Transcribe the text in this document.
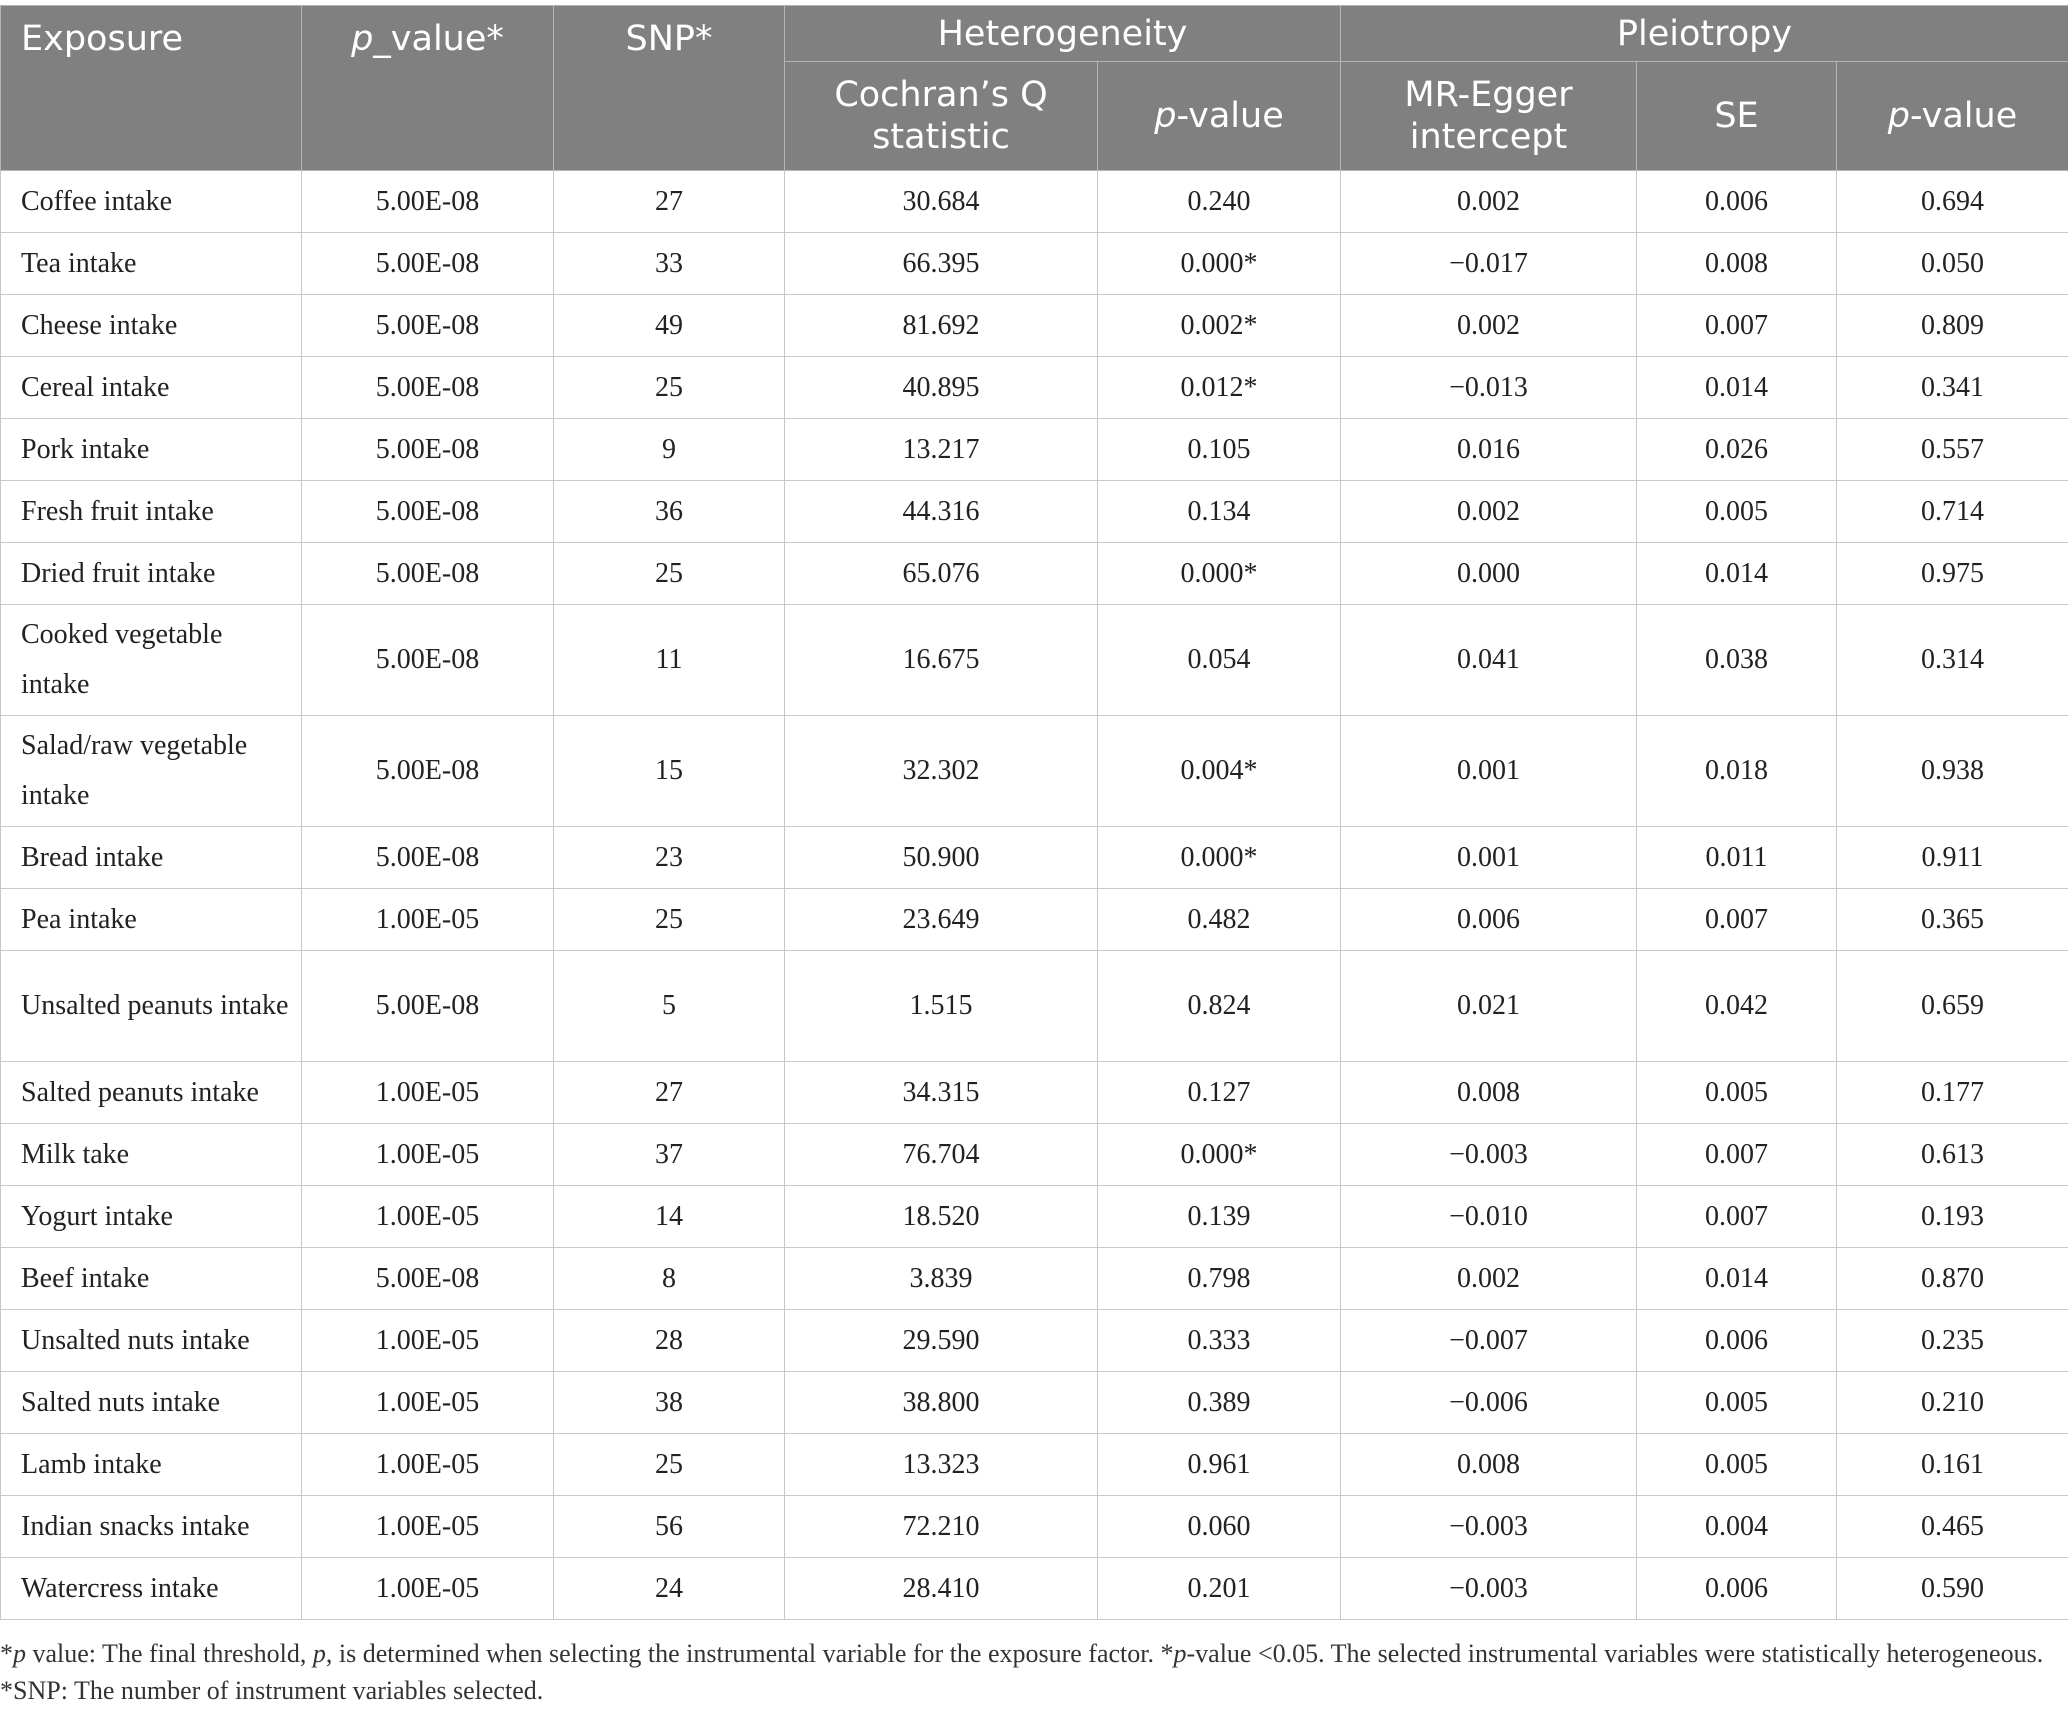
Exposure	p_value*	SNP*	Heterogeneity		Pleiotropy		
			Cochran’s Q statistic	p-value	MR-Egger intercept	SE	p-value
Coffee intake	5.00E-08	27	30.684	0.240	0.002	0.006	0.694
Tea intake	5.00E-08	33	66.395	0.000*	−0.017	0.008	0.050
Cheese intake	5.00E-08	49	81.692	0.002*	0.002	0.007	0.809
Cereal intake	5.00E-08	25	40.895	0.012*	−0.013	0.014	0.341
Pork intake	5.00E-08	9	13.217	0.105	0.016	0.026	0.557
Fresh fruit intake	5.00E-08	36	44.316	0.134	0.002	0.005	0.714
Dried fruit intake	5.00E-08	25	65.076	0.000*	0.000	0.014	0.975
Cooked vegetable intake	5.00E-08	11	16.675	0.054	0.041	0.038	0.314
Salad/raw vegetable intake	5.00E-08	15	32.302	0.004*	0.001	0.018	0.938
Bread intake	5.00E-08	23	50.900	0.000*	0.001	0.011	0.911
Pea intake	1.00E-05	25	23.649	0.482	0.006	0.007	0.365
Unsalted peanuts intake	5.00E-08	5	1.515	0.824	0.021	0.042	0.659
Salted peanuts intake	1.00E-05	27	34.315	0.127	0.008	0.005	0.177
Milk take	1.00E-05	37	76.704	0.000*	−0.003	0.007	0.613
Yogurt intake	1.00E-05	14	18.520	0.139	−0.010	0.007	0.193
Beef intake	5.00E-08	8	3.839	0.798	0.002	0.014	0.870
Unsalted nuts intake	1.00E-05	28	29.590	0.333	−0.007	0.006	0.235
Salted nuts intake	1.00E-05	38	38.800	0.389	−0.006	0.005	0.210
Lamb intake	1.00E-05	25	13.323	0.961	0.008	0.005	0.161
Indian snacks intake	1.00E-05	56	72.210	0.060	−0.003	0.004	0.465
Watercress intake	1.00E-05	24	28.410	0.201	−0.003	0.006	0.590
*p value: The final threshold, p, is determined when selecting the instrumental variable for the exposure factor. *p-value <0.05. The selected instrumental variables were statistically heterogeneous. *SNP: The number of instrument variables selected.
